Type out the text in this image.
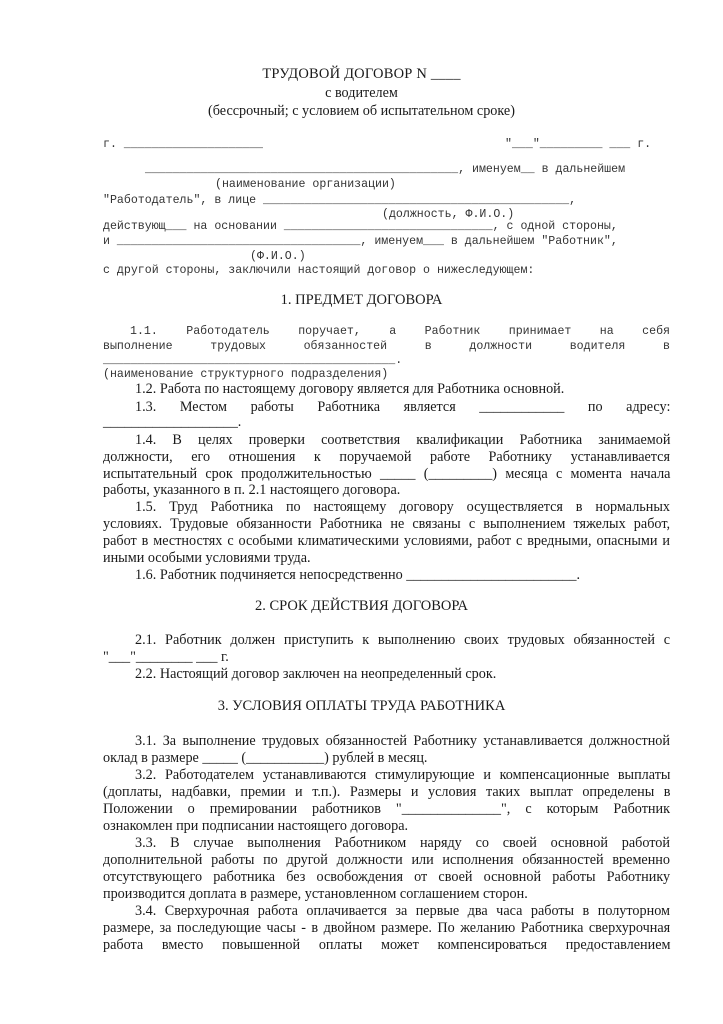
ТРУДОВОЙ ДОГОВОР N ____
с водителем
(бессрочный; с условием об испытательном сроке)
г. ____________________	"___"_________ ___ г.
_____________________________________________, именуем__ в дальнейшем
(наименование организации)
"Работодатель", в лице ____________________________________________,
(должность, Ф.И.О.)
действующ___ на основании ______________________________, с одной стороны,
и ___________________________________, именуем___ в дальнейшем "Работник",
(Ф.И.О.)
с другой стороны, заключили настоящий договор о нижеследующем:
1. ПРЕДМЕТ ДОГОВОРА
1.1. Работодатель поручает, а Работник принимает на себя
выполнение трудовых обязанностей в должности водителя в
__________________________________________.
(наименование структурного подразделения)
1.2. Работа по настоящему договору является для Работника основной.
1.3. Местом работы Работника является ____________ по адресу:
___________________.
1.4. В целях проверки соответствия квалификации Работника занимаемой
должности, его отношения к поручаемой работе Работнику устанавливается
испытательный срок продолжительностью _____ (_________) месяца с момента начала
работы, указанного в п. 2.1 настоящего договора.
1.5. Труд Работника по настоящему договору осуществляется в нормальных
условиях. Трудовые обязанности Работника не связаны с выполнением тяжелых работ,
работ в местностях с особыми климатическими условиями, работ с вредными, опасными и
иными особыми условиями труда.
1.6. Работник подчиняется непосредственно ________________________.
2. СРОК ДЕЙСТВИЯ ДОГОВОРА
2.1. Работник должен приступить к выполнению своих трудовых обязанностей с
"___"________ ___ г.
2.2. Настоящий договор заключен на неопределенный срок.
3. УСЛОВИЯ ОПЛАТЫ ТРУДА РАБОТНИКА
3.1. За выполнение трудовых обязанностей Работнику устанавливается должностной
оклад в размере _____ (___________) рублей в месяц.
3.2. Работодателем устанавливаются стимулирующие и компенсационные выплаты
(доплаты, надбавки, премии и т.п.). Размеры и условия таких выплат определены в
Положении о премировании работников "______________", с которым Работник
ознакомлен при подписании настоящего договора.
3.3. В случае выполнения Работником наряду со своей основной работой
дополнительной работы по другой должности или исполнения обязанностей временно
отсутствующего работника без освобождения от своей основной работы Работнику
производится доплата в размере, установленном соглашением сторон.
3.4. Сверхурочная работа оплачивается за первые два часа работы в полуторном
размере, за последующие часы - в двойном размере. По желанию Работника сверхурочная
работа вместо повышенной оплаты может компенсироваться предоставлением
